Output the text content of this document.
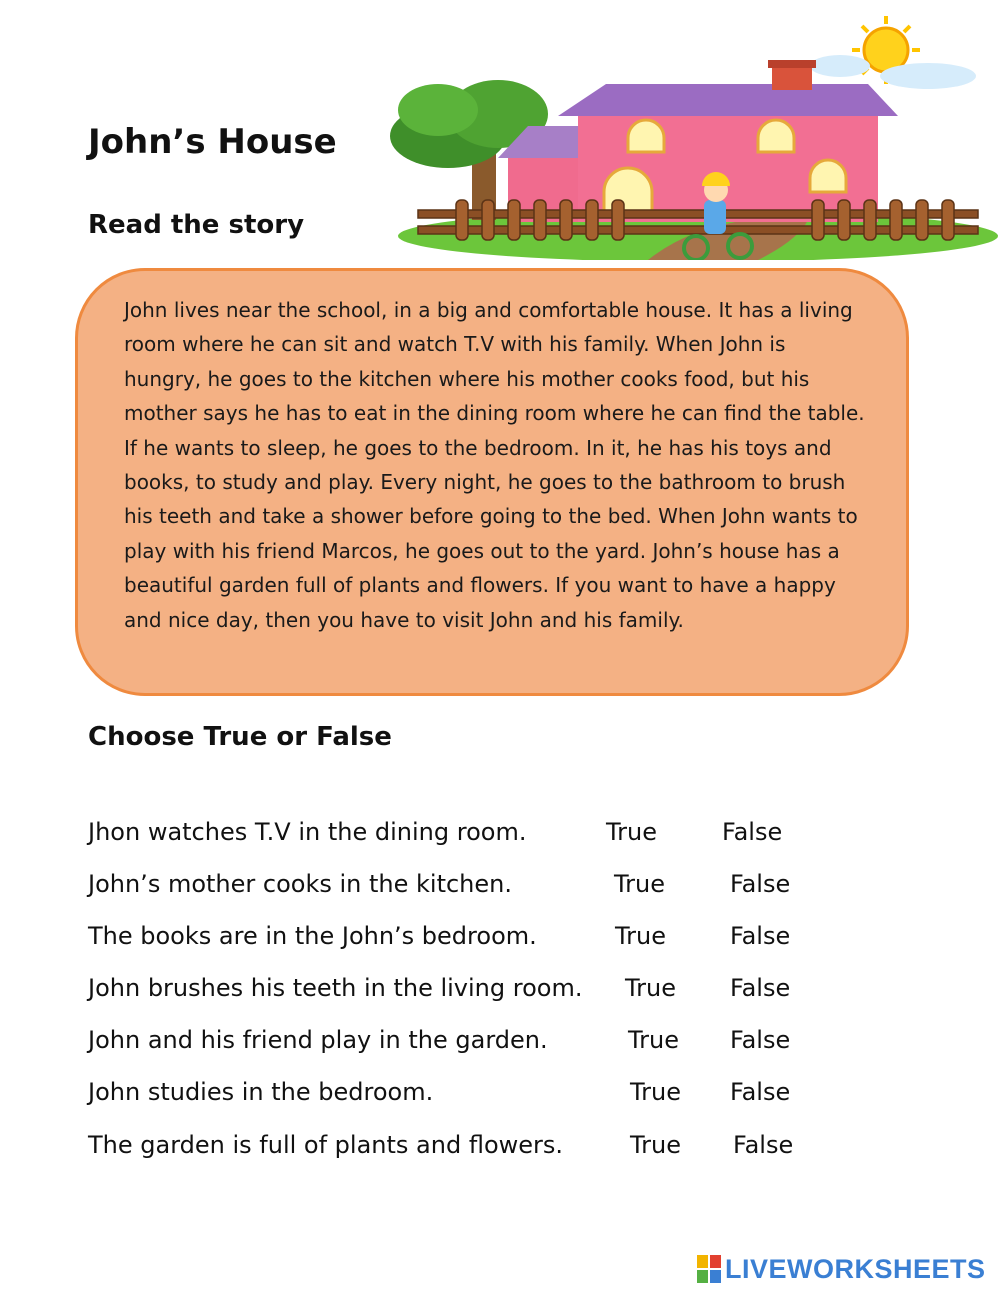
John’s House
Read the story

John lives near the school, in a big and comfortable house. It has a living room where he can sit and watch T.V with his family. When John is hungry, he goes to the kitchen where his mother cooks food, but his mother says he has to eat in the dining room where he can find the table. If he wants to sleep, he goes to the bedroom. In it, he has his toys and books, to study and play. Every night, he goes to the bathroom to brush his teeth and take a shower before going to the bed. When John wants to play with his friend Marcos, he goes out to the yard. John’s house has a beautiful garden full of plants and flowers. If you want to have a happy and nice day, then you have to visit John and his family.

Choose True or False
Jhon watches T.V in the dining room.	True	False
John’s mother cooks in the kitchen.	True	False
The books are in the John’s bedroom.	True	False
John brushes his teeth in the living room. True False
John and his friend play in the garden.	True False
John studies in the bedroom.	True False
The garden is full of plants and flowers.	True False
LIVEWORKSHEETS
